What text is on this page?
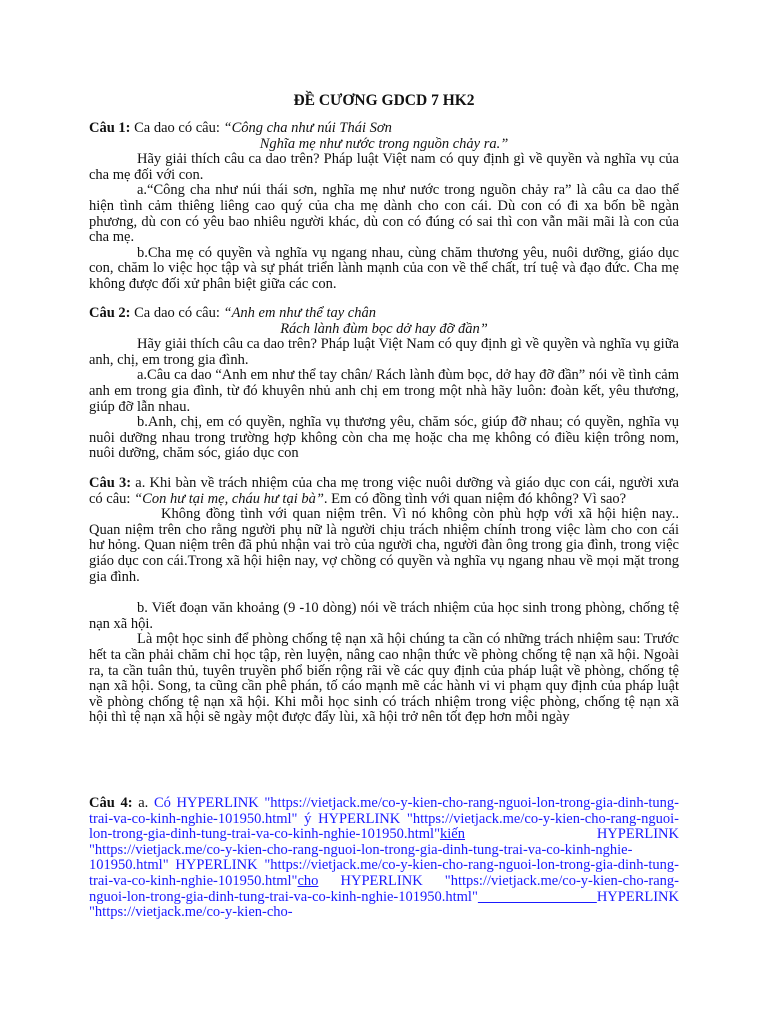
ĐỀ CƯƠNG GDCD 7 HK2

Câu 1: Ca dao có câu: “Công cha như núi Thái Sơn

Nghĩa mẹ như nước trong nguồn chảy ra.”

Hãy giải thích câu ca dao trên? Pháp luật Việt nam có quy định gì về quyền và nghĩa vụ của cha mẹ đối với con.

a.“Công cha như núi thái sơn, nghĩa mẹ như nước trong nguồn chảy ra” là câu ca dao thể hiện tình cảm thiêng liêng cao quý của cha mẹ dành cho con cái. Dù con có đi xa bốn bề ngàn phương, dù con có yêu bao nhiêu người khác, dù con có đúng có sai thì con vẫn mãi mãi là con của cha mẹ.

b.Cha mẹ có quyền và nghĩa vụ ngang nhau, cùng chăm thương yêu, nuôi dưỡng, giáo dục con, chăm lo việc học tập và sự phát triển lành mạnh của con về thể chất, trí tuệ và đạo đức. Cha mẹ không được đối xử phân biệt giữa các con.

Câu 2: Ca dao có câu: “Anh em như thể tay chân

Rách lành đùm bọc dở hay đỡ đần”

Hãy giải thích câu ca dao trên? Pháp luật Việt Nam có quy định gì về quyền và nghĩa vụ giữa anh, chị, em trong gia đình.

a.Câu ca dao “Anh em như thể tay chân/ Rách lành đùm bọc, dở hay đỡ đần” nói về tình cảm anh em trong gia đình, từ đó khuyên nhủ anh chị em trong một nhà hãy luôn: đoàn kết, yêu thương, giúp đỡ lẫn nhau.

b.Anh, chị, em có quyền, nghĩa vụ thương yêu, chăm sóc, giúp đỡ nhau; có quyền, nghĩa vụ nuôi dưỡng nhau trong trường hợp không còn cha mẹ hoặc cha mẹ không có điều kiện trông nom, nuôi dưỡng, chăm sóc, giáo dục con

Câu 3: a. Khi bàn về trách nhiệm của cha mẹ trong việc nuôi dưỡng và giáo dục con cái, người xưa có câu: “Con hư tại mẹ, cháu hư tại bà”. Em có đồng tình với quan niệm đó không? Vì sao?

Không đồng tình với quan niệm trên. Vì nó không còn phù hợp với xã hội hiện nay.. Quan niệm trên cho rằng người phụ nữ là người chịu trách nhiệm chính trong việc làm cho con cái hư hỏng. Quan niệm trên đã phủ nhận vai trò của người cha, người đàn ông trong gia đình, trong việc giáo dục con cái.Trong xã hội hiện nay, vợ chồng có quyền và nghĩa vụ ngang nhau về mọi mặt trong gia đình.

b. Viết đoạn văn khoảng (9 -10 dòng) nói về trách nhiệm của học sinh trong phòng, chống tệ nạn xã hội.

Là một học sinh để phòng chống tệ nạn xã hội chúng ta cần có những trách nhiệm sau: Trước hết ta cần phải chăm chỉ học tập, rèn luyện, nâng cao nhận thức về phòng chống tệ nạn xã hội. Ngoài ra, ta cần tuân thủ, tuyên truyền phổ biến rộng rãi về các quy định của pháp luật về phòng, chống tệ nạn xã hội. Song, ta cũng cần phê phán, tố cáo mạnh mẽ các hành vi vi phạm quy định của pháp luật về phòng chống tệ nạn xã hội. Khi mỗi học sinh có trách nhiệm trong việc phòng, chống tệ nạn xã hội thì tệ nạn xã hội sẽ ngày một được đẩy lùi, xã hội trở nên tốt đẹp hơn mỗi ngày

Câu 4: a. Có HYPERLINK "https://vietjack.me/co-y-kien-cho-rang-nguoi-lon-trong-gia-dinh-tung-trai-va-co-kinh-nghie-101950.html" ý HYPERLINK "https://vietjack.me/co-y-kien-cho-rang-nguoi-lon-trong-gia-dinh-tung-trai-va-co-kinh-nghie-101950.html"kiến HYPERLINK "https://vietjack.me/co-y-kien-cho-rang-nguoi-lon-trong-gia-dinh-tung-trai-va-co-kinh-nghie-101950.html" HYPERLINK "https://vietjack.me/co-y-kien-cho-rang-nguoi-lon-trong-gia-dinh-tung-trai-va-co-kinh-nghie-101950.html"cho HYPERLINK "https://vietjack.me/co-y-kien-cho-rang-nguoi-lon-trong-gia-dinh-tung-trai-va-co-kinh-nghie-101950.html"	HYPERLINK "https://vietjack.me/co-y-kien-cho-
